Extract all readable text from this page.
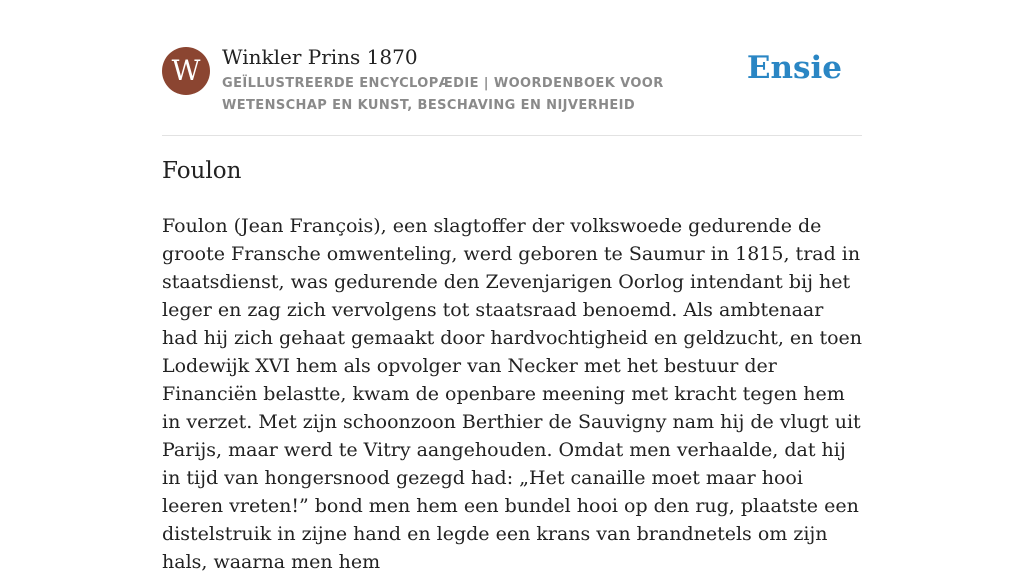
W	Winkler Prins 1870
GEÏLLUSTREERDE ENCYCLOPÆDIE | WOORDENBOEK VOOR WETENSCHAP EN KUNST, BESCHAVING EN NIJVERHEID
Ensie
Foulon

Foulon (Jean François), een slagtoffer der volkswoede gedurende de groote Fransche omwenteling, werd geboren te Saumur in 1815, trad in staatsdienst, was gedurende den Zevenjarigen Oorlog intendant bij het leger en zag zich vervolgens tot staatsraad benoemd. Als ambtenaar had hij zich gehaat gemaakt door hardvochtigheid en geldzucht, en toen Lodewijk XVI hem als opvolger van Necker met het bestuur der Financiën belastte, kwam de openbare meening met kracht tegen hem in verzet. Met zijn schoonzoon Berthier de Sauvigny nam hij de vlugt uit Parijs, maar werd te Vitry aangehouden. Omdat men verhaalde, dat hij in tijd van hongersnood gezegd had: „Het canaille moet maar hooi leeren vreten!” bond men hem een bundel hooi op den rug, plaatste een distelstruik in zijne hand en legde een krans van brandnetels om zijn hals, waarna men hem
